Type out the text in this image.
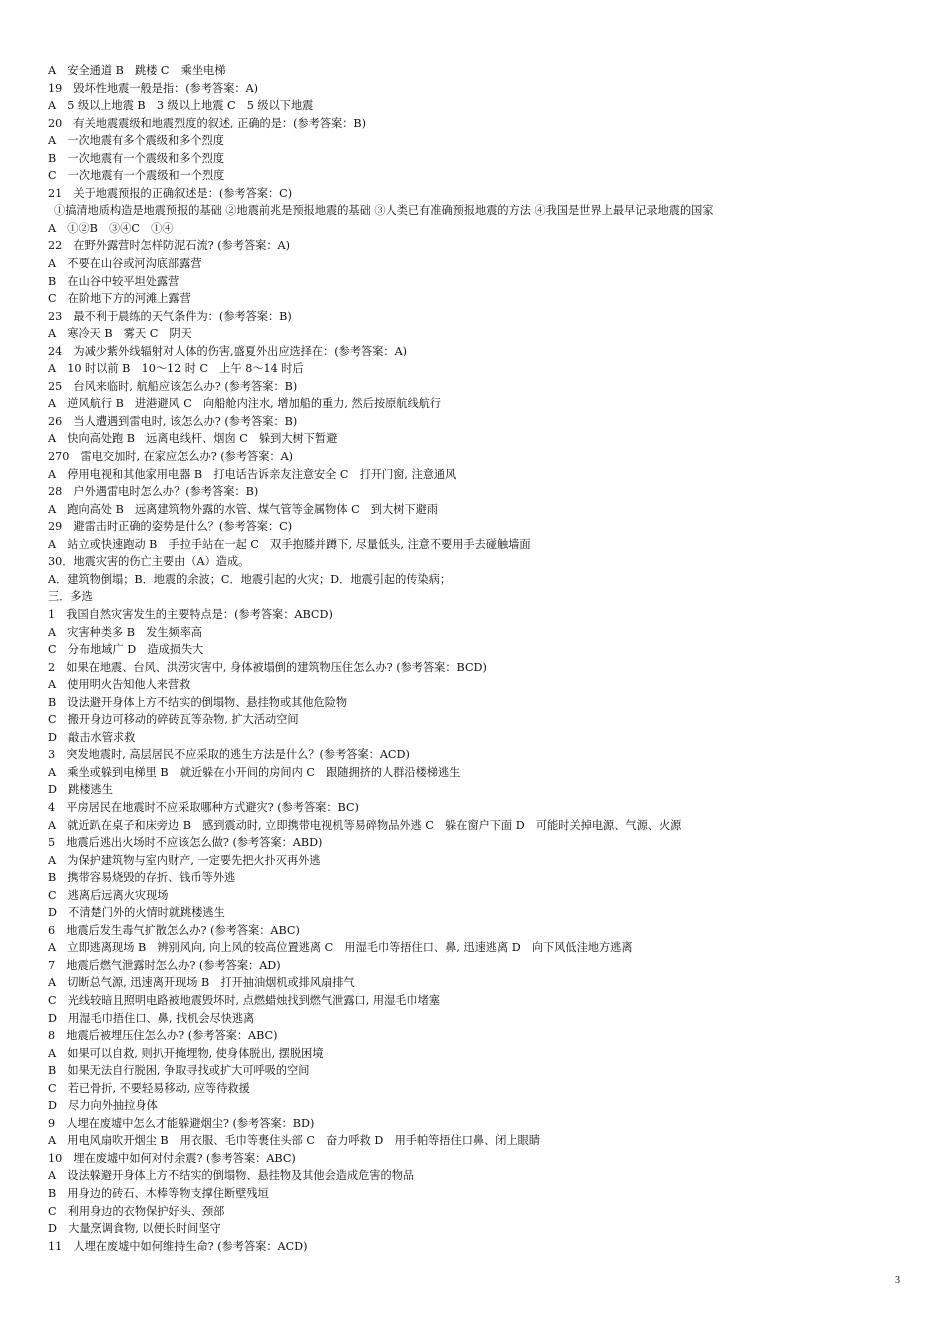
A　安全通道 B　跳楼 C　乘坐电梯
19　毁坏性地震一般是指：(参考答案：A)
A　5 级以上地震 B　3 级以上地震 C　5 级以下地震
20　有关地震震级和地震烈度的叙述, 正确的是：(参考答案：B)
A　一次地震有多个震级和多个烈度
B　一次地震有一个震级和多个烈度
C　一次地震有一个震级和一个烈度
21　关于地震预报的正确叙述是：(参考答案：C)
①搞清地质构造是地震预报的基础 ②地震前兆是预报地震的基础 ③人类已有准确预报地震的方法 ④我国是世界上最早记录地震的国家
A　①②B　③④C　①④
22　在野外露营时怎样防泥石流? (参考答案：A)
A　不要在山谷或河沟底部露营
B　在山谷中较平坦处露营
C　在阶地下方的河滩上露营
23　最不利于晨练的天气条件为：(参考答案：B)
A　寒冷天 B　雾天 C　阴天
24　为减少紫外线辐射对人体的伤害,盛夏外出应选择在：(参考答案：A)
A　10 时以前 B　10～12 时 C　上午 8～14 时后
25　台风来临时, 航船应该怎么办? (参考答案：B)
A　逆风航行 B　进港避风 C　向船舱内注水, 增加船的重力, 然后按原航线航行
26　当人遭遇到雷电时, 该怎么办? (参考答案：B)
A　快向高处跑 B　远离电线杆、烟囱 C　躲到大树下暂避
270　雷电交加时, 在家应怎么办? (参考答案：A)
A　停用电视和其他家用电器 B　打电话告诉亲友注意安全 C　打开门窗, 注意通风
28　户外遇雷电时怎么办？(参考答案：B)
A　跑向高处 B　远离建筑物外露的水管、煤气管等金属物体 C　到大树下避雨
29　避雷击时正确的姿势是什么？(参考答案：C)
A　站立或快速跑动 B　手拉手站在一起 C　双手抱膝并蹲下, 尽量低头, 注意不要用手去碰触墙面
30．地震灾害的伤亡主要由（A）造成。
A．建筑物倒塌；B．地震的余波；C．地震引起的火灾；D．地震引起的传染病；
三．多选
1　我国自然灾害发生的主要特点是：(参考答案：ABCD)
A　灾害种类多 B　发生频率高
C　分布地域广 D　造成损失大
2　如果在地震、台风、洪涝灾害中, 身体被塌倒的建筑物压住怎么办? (参考答案：BCD)
A　使用明火告知他人来营救
B　设法避开身体上方不结实的倒塌物、悬挂物或其他危险物
C　搬开身边可移动的碎砖瓦等杂物, 扩大活动空间
D　敲击水管求救
3　突发地震时, 高层居民不应采取的逃生方法是什么？(参考答案：ACD)
A　乘坐或躲到电梯里 B　就近躲在小开间的房间内 C　跟随拥挤的人群沿楼梯逃生
D　跳楼逃生
4　平房居民在地震时不应采取哪种方式避灾? (参考答案：BC)
A　就近趴在桌子和床旁边 B　感到震动时, 立即携带电视机等易碎物品外逃 C　躲在窗户下面 D　可能时关掉电源、气源、火源
5　地震后逃出火场时不应该怎么做? (参考答案：ABD)
A　为保护建筑物与室内财产, 一定要先把火扑灭再外逃
B　携带容易烧毁的存折、钱币等外逃
C　逃离后远离火灾现场
D　不清楚门外的火情时就跳楼逃生
6　地震后发生毒气扩散怎么办? (参考答案：ABC)
A　立即逃离现场 B　辨别风向, 向上风的较高位置逃离 C　用湿毛巾等捂住口、鼻, 迅速逃离 D　向下风低洼地方逃离
7　地震后燃气泄露时怎么办? (参考答案：AD)
A　切断总气源, 迅速离开现场 B　打开抽油烟机或排风扇排气
C　光线较暗且照明电路被地震毁坏时, 点燃蜡烛找到燃气泄露口, 用湿毛巾堵塞
D　用湿毛巾捂住口、鼻, 找机会尽快逃离
8　地震后被埋压住怎么办? (参考答案：ABC)
A　如果可以自救, 则扒开掩埋物, 使身体脱出, 摆脱困境
B　如果无法自行脱困, 争取寻找或扩大可呼吸的空间
C　若已骨折, 不要轻易移动, 应等待救援
D　尽力向外抽拉身体
9　人埋在废墟中怎么才能躲避烟尘? (参考答案：BD)
A　用电风扇吹开烟尘 B　用衣服、毛巾等裹住头部 C　奋力呼救 D　用手帕等捂住口鼻、闭上眼睛
10　埋在废墟中如何对付余震? (参考答案：ABC)
A　设法躲避开身体上方不结实的倒塌物、悬挂物及其他会造成危害的物品
B　用身边的砖石、木棒等物支撑住断壁残垣
C　利用身边的衣物保护好头、颈部
D　大量烹调食物, 以便长时间坚守
11　人埋在废墟中如何维持生命? (参考答案：ACD)
3
